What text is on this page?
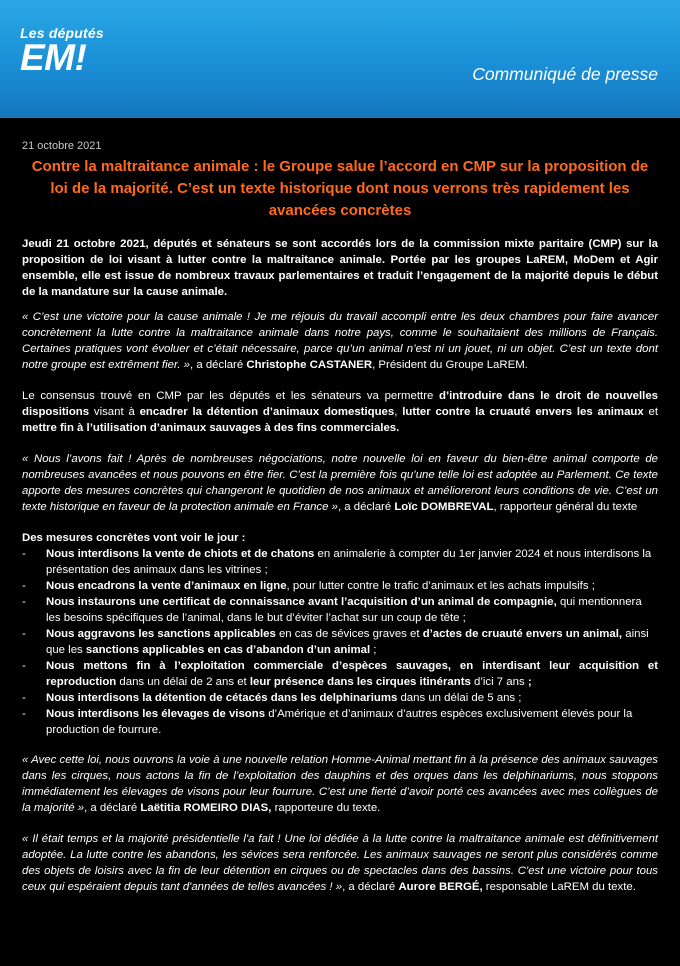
Les députés
EM!	Communiqué de presse
21 octobre 2021
Contre la maltraitance animale : le Groupe salue l’accord en CMP sur la proposition de loi de la majorité. C’est un texte historique dont nous verrons très rapidement les avancées concrètes

Jeudi 21 octobre 2021, députés et sénateurs se sont accordés lors de la commission mixte paritaire (CMP) sur la proposition de loi visant à lutter contre la maltraitance animale. Portée par les groupes LaREM, MoDem et Agir ensemble, elle est issue de nombreux travaux parlementaires et traduit l’engagement de la majorité depuis le début de la mandature sur la cause animale.

« C’est une victoire pour la cause animale ! Je me réjouis du travail accompli entre les deux chambres pour faire avancer concrètement la lutte contre la maltraitance animale dans notre pays, comme le souhaitaient des millions de Français. Certaines pratiques vont évoluer et c’était nécessaire, parce qu’un animal n’est ni un jouet, ni un objet. C’est un texte dont notre groupe est extrêment fier. », a déclaré Christophe CASTANER, Président du Groupe LaREM.

Le consensus trouvé en CMP par les députés et les sénateurs va permettre d’introduire dans le droit de nouvelles dispositions visant à encadrer la détention d’animaux domestiques, lutter contre la cruauté envers les animaux et mettre fin à l’utilisation d’animaux sauvages à des fins commerciales.

« Nous l’avons fait ! Après de nombreuses négociations, notre nouvelle loi en faveur du bien-être animal comporte de nombreuses avancées et nous pouvons en être fier. C’est la première fois qu’une telle loi est adoptée au Parlement. Ce texte apporte des mesures concrètes qui changeront le quotidien de nos animaux et amélioreront leurs conditions de vie. C’est un texte historique en faveur de la protection animale en France », a déclaré Loïc DOMBREVAL, rapporteur général du texte

Des mesures concrètes vont voir le jour :

- Nous interdisons la vente de chiots et de chatons en animalerie à compter du 1er janvier 2024 et nous interdisons la présentation des animaux dans les vitrines ;
- Nous encadrons la vente d’animaux en ligne, pour lutter contre le trafic d’animaux et les achats impulsifs ;
- Nous instaurons une certificat de connaissance avant l’acquisition d’un animal de compagnie, qui mentionnera les besoins spécifiques de l’animal, dans le but d’éviter l’achat sur un coup de tête ;
- Nous aggravons les sanctions applicables en cas de sévices graves et d’actes de cruauté envers un animal, ainsi que les sanctions applicables en cas d’abandon d’un animal ;
- Nous mettons fin à l’exploitation commerciale d’espèces sauvages, en interdisant leur acquisition et reproduction dans un délai de 2 ans et leur présence dans les cirques itinérants d’ici 7 ans ;
- Nous interdisons la détention de cétacés dans les delphinariums dans un délai de 5 ans ;
- Nous interdisons les élevages de visons d’Amérique et d’animaux d’autres espèces exclusivement élevés pour la production de fourrure.

« Avec cette loi, nous ouvrons la voie à une nouvelle relation Homme-Animal mettant fin à la présence des animaux sauvages dans les cirques, nous actons la fin de l’exploitation des dauphins et des orques dans les delphinariums, nous stoppons immédiatement les élevages de visons pour leur fourrure. C’est une fierté d’avoir porté ces avancées avec mes collègues de la majorité », a déclaré Laëtitia ROMEIRO DIAS, rapporteure du texte.

« Il était temps et la majorité présidentielle l'a fait ! Une loi dédiée à la lutte contre la maltraitance animale est définitivement adoptée. La lutte contre les abandons, les sévices sera renforcée. Les animaux sauvages ne seront plus considérés comme des objets de loisirs avec la fin de leur détention en cirques ou de spectacles dans des bassins. C'est une victoire pour tous ceux qui espéraient depuis tant d'années de telles avancées ! », a déclaré Aurore BERGÉ, responsable LaREM du texte.
